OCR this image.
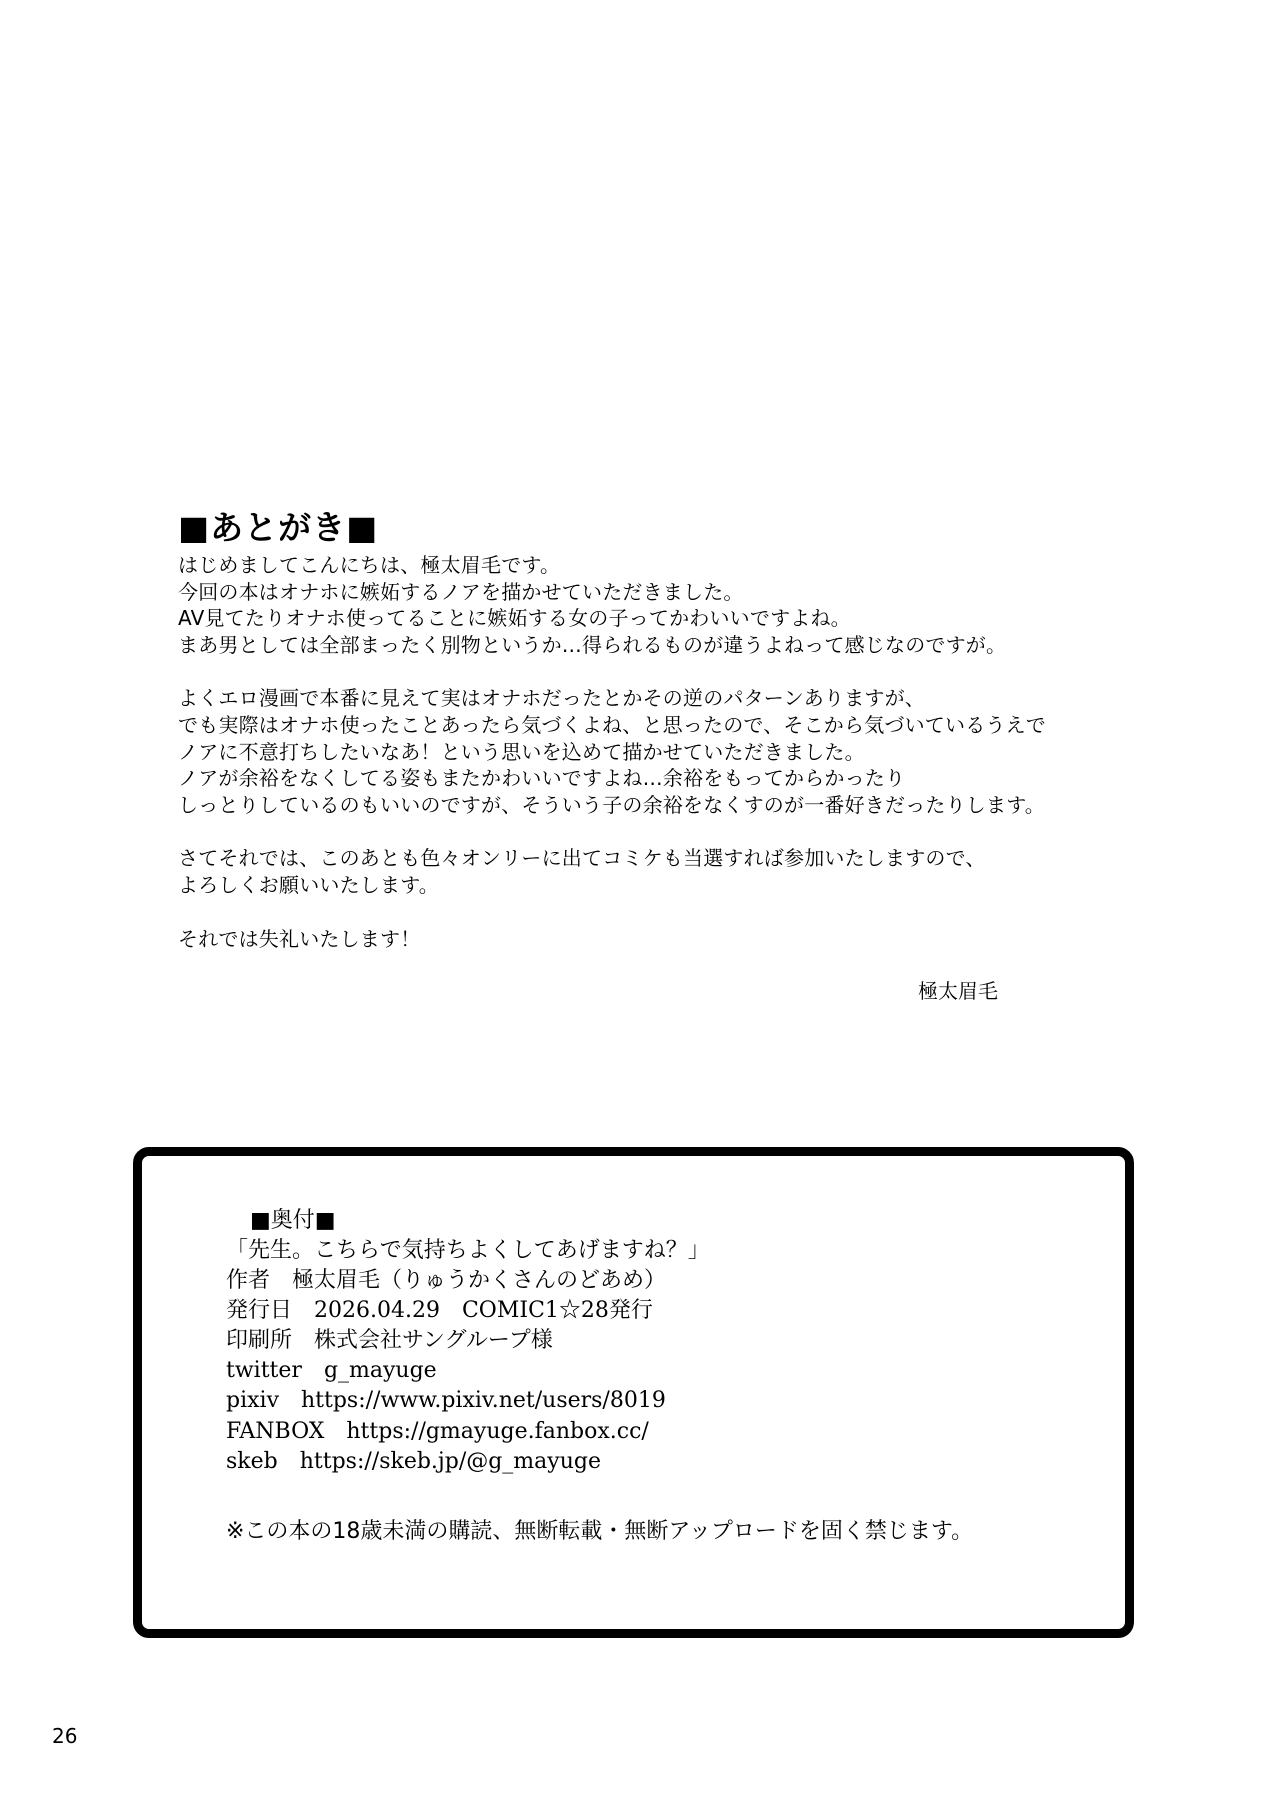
■あとがき■
はじめましてこんにちは、極太眉毛です。
今回の本はオナホに嫉妬するノアを描かせていただきました。
AV見てたりオナホ使ってることに嫉妬する女の子ってかわいいですよね。
まあ男としては全部まったく別物というか…得られるものが違うよねって感じなのですが。
よくエロ漫画で本番に見えて実はオナホだったとかその逆のパターンありますが、
でも実際はオナホ使ったことあったら気づくよね、と思ったので、そこから気づいているうえで
ノアに不意打ちしたいなあ！という思いを込めて描かせていただきました。
ノアが余裕をなくしてる姿もまたかわいいですよね…余裕をもってからかったり
しっとりしているのもいいのですが、そういう子の余裕をなくすのが一番好きだったりします。
さてそれでは、このあとも色々オンリーに出てコミケも当選すれば参加いたしますので、
よろしくお願いいたします。
それでは失礼いたします！
極太眉毛
■奥付■
「先生。こちらで気持ちよくしてあげますね？」
作者 極太眉毛（りゅうかくさんのどあめ）
発行日 2026.04.29　COMIC1☆28発行
印刷所 株式会社サングループ様
twitter g_mayuge
pixiv https://www.pixiv.net/users/8019
FANBOX https://gmayuge.fanbox.cc/
skeb https://skeb.jp/@g_mayuge
※この本の18歳未満の購読、無断転載・無断アップロードを固く禁じます。
26
